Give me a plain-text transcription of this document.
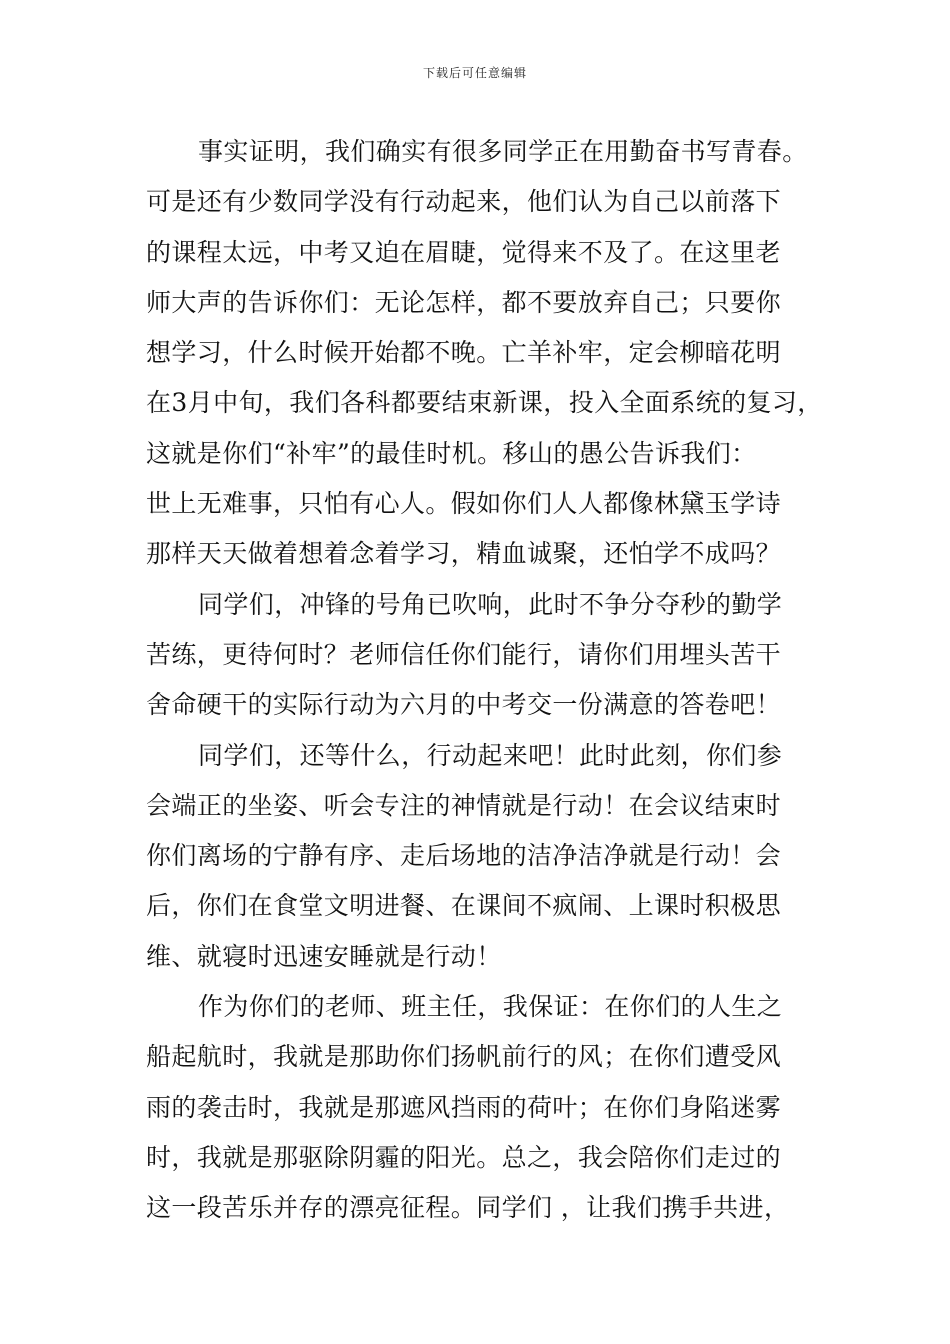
下载后可任意编辑
事实证明，我们确实有很多同学正在用勤奋书写青春。
可是还有少数同学没有行动起来，他们认为自己以前落下
的课程太远，中考又迫在眉睫，觉得来不及了。在这里老
师大声的告诉你们：无论怎样，都不要放弃自己；只要你
想学习，什么时候开始都不晚。亡羊补牢，定会柳暗花明
在3月中旬，我们各科都要结束新课，投入全面系统的复习，
这就是你们“补牢”的最佳时机。移山的愚公告诉我们：
世上无难事，只怕有心人。假如你们人人都像林黛玉学诗
那样天天做着想着念着学习，精血诚聚，还怕学不成吗？
同学们，冲锋的号角已吹响，此时不争分夺秒的勤学
苦练，更待何时？老师信任你们能行，请你们用埋头苦干
舍命硬干的实际行动为六月的中考交一份满意的答卷吧！
同学们，还等什么，行动起来吧！此时此刻，你们参
会端正的坐姿、听会专注的神情就是行动！在会议结束时
你们离场的宁静有序、走后场地的洁净洁净就是行动！会
后，你们在食堂文明进餐、在课间不疯闹、上课时积极思
维、就寝时迅速安睡就是行动！
作为你们的老师、班主任，我保证：在你们的人生之
船起航时，我就是那助你们扬帆前行的风；在你们遭受风
雨的袭击时，我就是那遮风挡雨的荷叶；在你们身陷迷雾
时，我就是那驱除阴霾的阳光。总之，我会陪你们走过的
这一段苦乐并存的漂亮征程。同学们 ，让我们携手共进，
